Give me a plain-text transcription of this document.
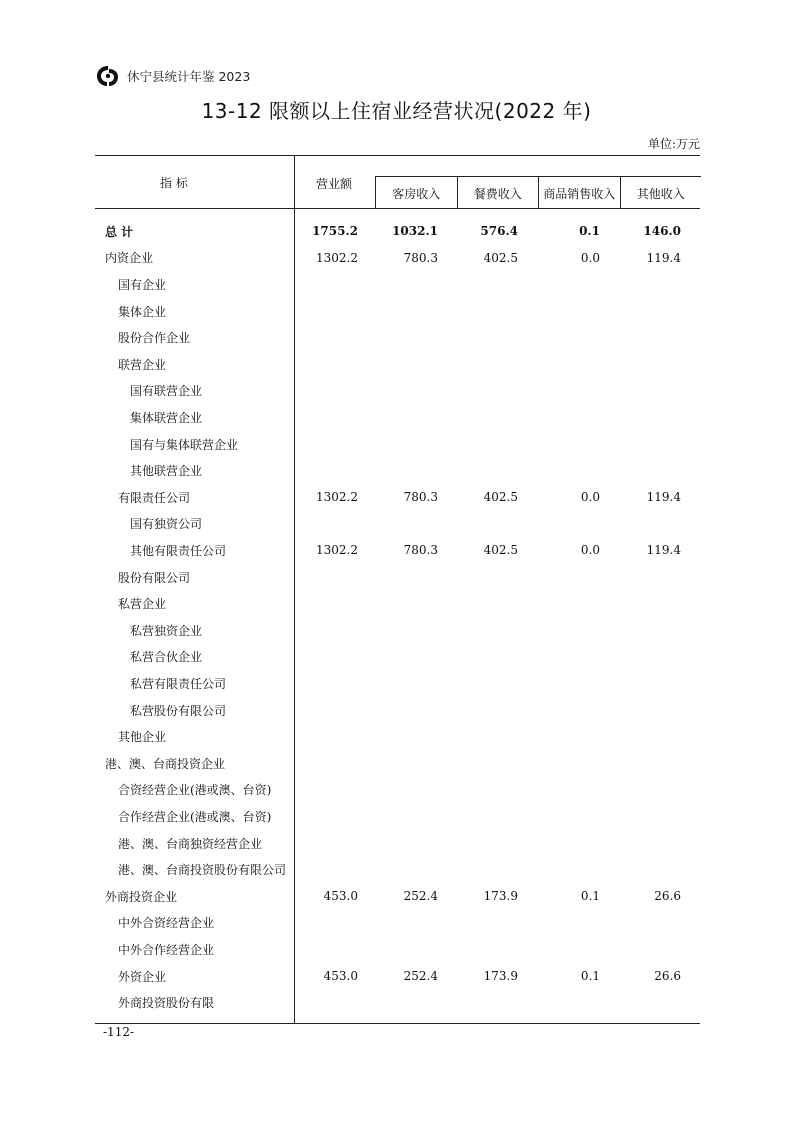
休宁县统计年鉴 2023
13-12 限额以上住宿业经营状况(2022 年)
单位:万元
指 标	营业额
客房收入	餐费收入	商品销售收入	其他收入
总 计	1755.2	1032.1	576.4	0.1	146.0
内资企业	1302.2	780.3	402.5	0.0	119.4
国有企业
集体企业
股份合作企业
联营企业
国有联营企业
集体联营企业
国有与集体联营企业
其他联营企业
有限责任公司	1302.2	780.3	402.5	0.0	119.4
国有独资公司
其他有限责任公司	1302.2	780.3	402.5	0.0	119.4
股份有限公司
私营企业
私营独资企业
私营合伙企业
私营有限责任公司
私营股份有限公司
其他企业
港、澳、台商投资企业
合资经营企业(港或澳、台资)
合作经营企业(港或澳、台资)
港、澳、台商独资经营企业
港、澳、台商投资股份有限公司
外商投资企业	453.0	252.4	173.9	0.1	26.6
中外合资经营企业
中外合作经营企业
外资企业	453.0	252.4	173.9	0.1	26.6
外商投资股份有限
-112-
